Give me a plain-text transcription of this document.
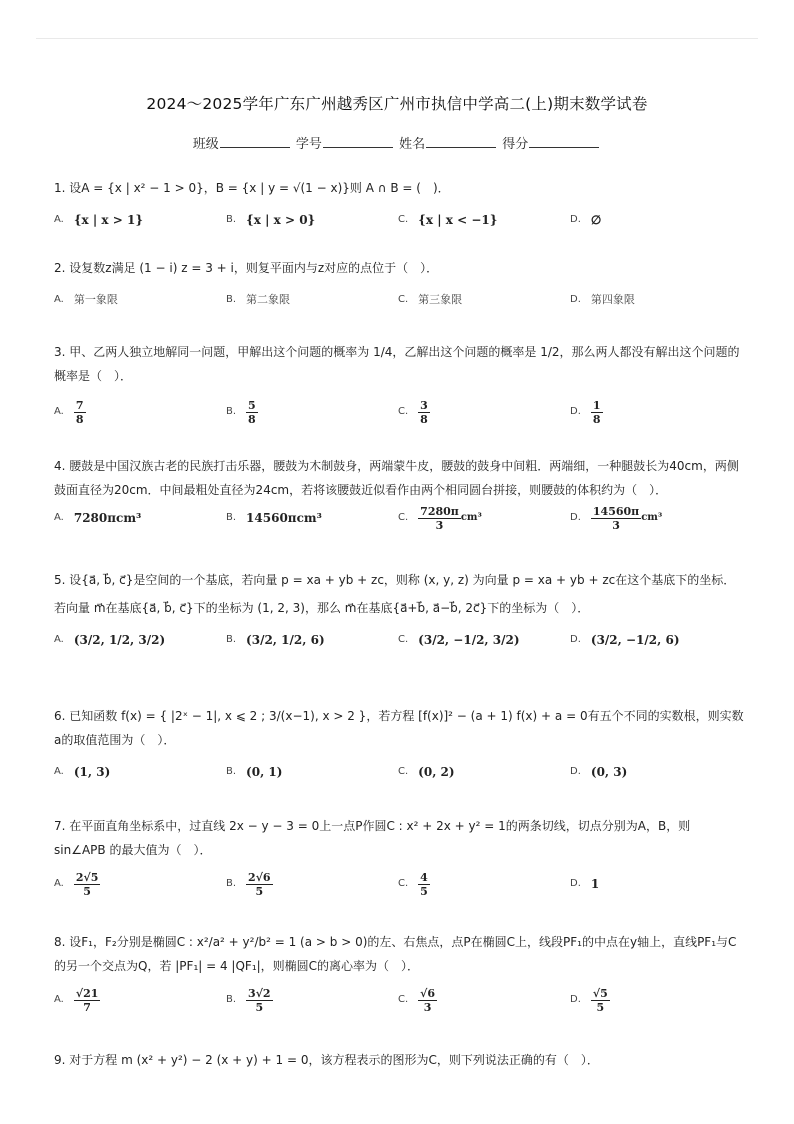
2024～2025学年广东广州越秀区广州市执信中学高二(上)期末数学试卷
班级	学号	姓名	得分
1. 设A = {x | x² − 1 > 0}，B = {x | y = √(1 − x)}则 A ∩ B = (　)．
A. {x | x > 1}	B. {x | x > 0}	C. {x | x < −1}	D. ∅
2. 设复数z满足 (1 − i) z = 3 + i，则复平面内与z对应的点位于（　）．
A. 第一象限	B. 第二象限	C. 第三象限	D. 第四象限
3. 甲、乙两人独立地解同一问题，甲解出这个问题的概率为 1/4，乙解出这个问题的概率是 1/2，那么两人都没有解出这个问题的概率是（　）．
A. $\frac{7}{8}$	B. $\frac{5}{8}$	C. $\frac{3}{8}$	D. $\frac{1}{8}$
4. 腰鼓是中国汉族古老的民族打击乐器，腰鼓为木制鼓身，两端蒙牛皮，腰鼓的鼓身中间粗．两端细，一种腿鼓长为40cm，两侧鼓面直径为20cm．中间最粗处直径为24cm，若将该腰鼓近似看作由两个相同圆台拼接，则腰鼓的体积约为（　）．
A. 7280πcm³	B. 14560πcm³	C. $\frac{7280\pi}{3} cm^3$	D. $\frac{14560\pi}{3} cm^3$
5. 设{a⃗, b⃗, c⃗}是空间的一个基底，若向量 p = xa + yb + zc，则称 (x, y, z) 为向量 p = xa + yb + zc在这个基底下的坐标．若向量 m⃗在基底{a⃗, b⃗, c⃗}下的坐标为 (1, 2, 3)，那么 m⃗在基底{a⃗+b⃗, a⃗−b⃗, 2c⃗}下的坐标为（　）．
A. (3/2, 1/2, 3/2)	B. (3/2, 1/2, 6)	C. (3/2, −1/2, 3/2)	D. (3/2, −1/2, 6)
6. 已知函数 f(x) = { |2ˣ − 1|, x ⩽ 2 ; 3/(x−1), x > 2 }，若方程 [f(x)]² − (a + 1) f(x) + a = 0有五个不同的实数根，则实数a的取值范围为（　）．
A. (1, 3)	B. (0, 1)	C. (0, 2)	D. (0, 3)
7. 在平面直角坐标系中，过直线 2x − y − 3 = 0上一点P作圆C : x² + 2x + y² = 1的两条切线，切点分别为A，B，则 sin∠APB 的最大值为（　）．
A. $\frac{2√5}{5}$	B. $\frac{2√6}{5}$	C. $\frac{4}{5}$	D. 1
8. 设F₁，F₂分别是椭圆C : x²/a² + y²/b² = 1 (a > b > 0)的左、右焦点，点P在椭圆C上，线段PF₁的中点在y轴上，直线PF₁与C的另一个交点为Q，若 |PF₁| = 4 |QF₁|，则椭圆C的离心率为（　）．
A. $\frac{√21}{7}$	B. $\frac{3√2}{5}$	C. $\frac{√6}{3}$	D. $\frac{√5}{5}$
9. 对于方程 m (x² + y²) − 2 (x + y) + 1 = 0，该方程表示的图形为C，则下列说法正确的有（　）．
